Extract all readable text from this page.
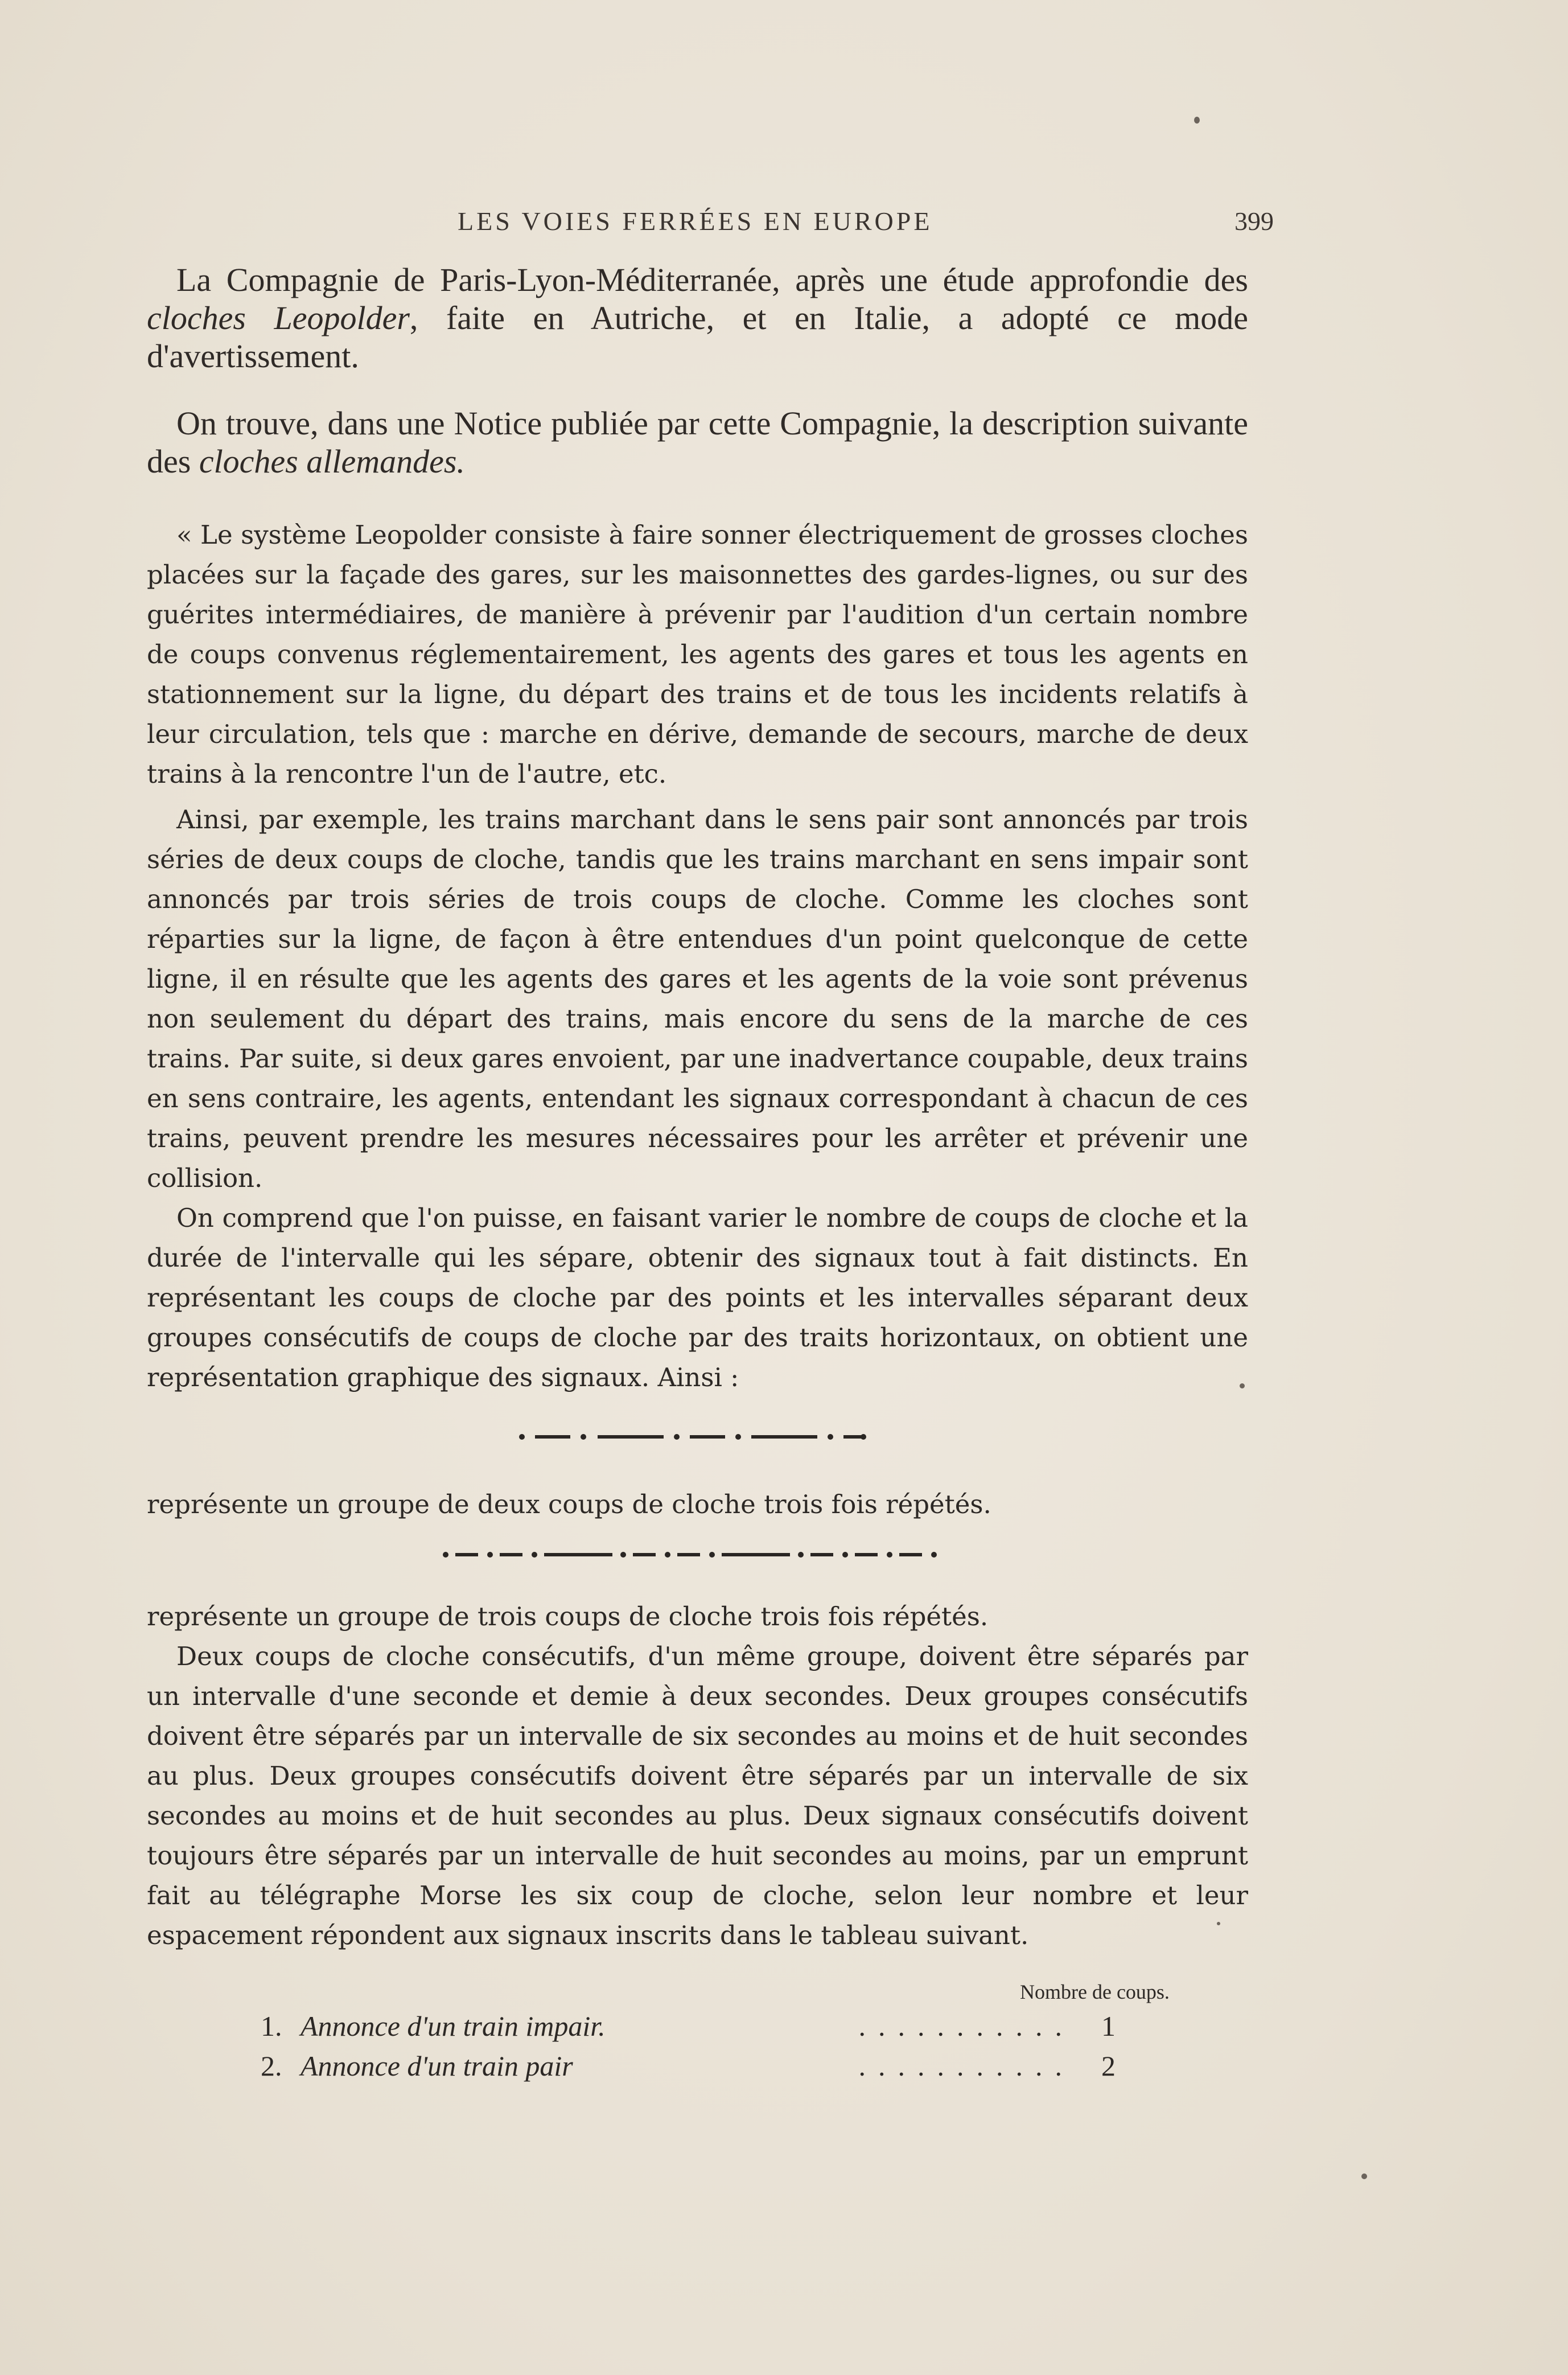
LES VOIES FERRÉES EN EUROPE	399

La Compagnie de Paris-Lyon-Méditerranée, après une étude approfondie des cloches Leopolder, faite en Autriche, et en Italie, a adopté ce mode d'avertissement.

On trouve, dans une Notice publiée par cette Compagnie, la description suivante des cloches allemandes.

« Le système Leopolder consiste à faire sonner électriquement de grosses cloches placées sur la façade des gares, sur les maisonnettes des gardes-lignes, ou sur des guérites intermédiaires, de manière à prévenir par l'audition d'un certain nombre de coups convenus réglementairement, les agents des gares et tous les agents en stationnement sur la ligne, du départ des trains et de tous les incidents relatifs à leur circulation, tels que : marche en dérive, demande de secours, marche de deux trains à la rencontre l'un de l'autre, etc.

Ainsi, par exemple, les trains marchant dans le sens pair sont annoncés par trois séries de deux coups de cloche, tandis que les trains marchant en sens impair sont annoncés par trois séries de trois coups de cloche. Comme les cloches sont réparties sur la ligne, de façon à être entendues d'un point quelconque de cette ligne, il en résulte que les agents des gares et les agents de la voie sont prévenus non seulement du départ des trains, mais encore du sens de la marche de ces trains. Par suite, si deux gares envoient, par une inadvertance coupable, deux trains en sens contraire, les agents, entendant les signaux correspondant à chacun de ces trains, peuvent prendre les mesures nécessaires pour les arrêter et prévenir une collision.

On comprend que l'on puisse, en faisant varier le nombre de coups de cloche et la durée de l'intervalle qui les sépare, obtenir des signaux tout à fait distincts. En représentant les coups de cloche par des points et les intervalles séparant deux groupes consécutifs de coups de cloche par des traits horizontaux, on obtient une représentation graphique des signaux. Ainsi :

représente un groupe de deux coups de cloche trois fois répétés.

représente un groupe de trois coups de cloche trois fois répétés.

Deux coups de cloche consécutifs, d'un même groupe, doivent être séparés par un intervalle d'une seconde et demie à deux secondes. Deux groupes consécutifs doivent être séparés par un intervalle de six secondes au moins et de huit secondes au plus. Deux groupes consécutifs doivent être séparés par un intervalle de six secondes au moins et de huit secondes au plus. Deux signaux consécutifs doivent toujours être séparés par un intervalle de huit secondes au moins, par un emprunt fait au télégraphe Morse les six coup de cloche, selon leur nombre et leur espacement répondent aux signaux inscrits dans le tableau suivant.

Nombre de coups.
1. Annonce d'un train impair.	........... 1
2. Annonce d'un train pair	........... 2
